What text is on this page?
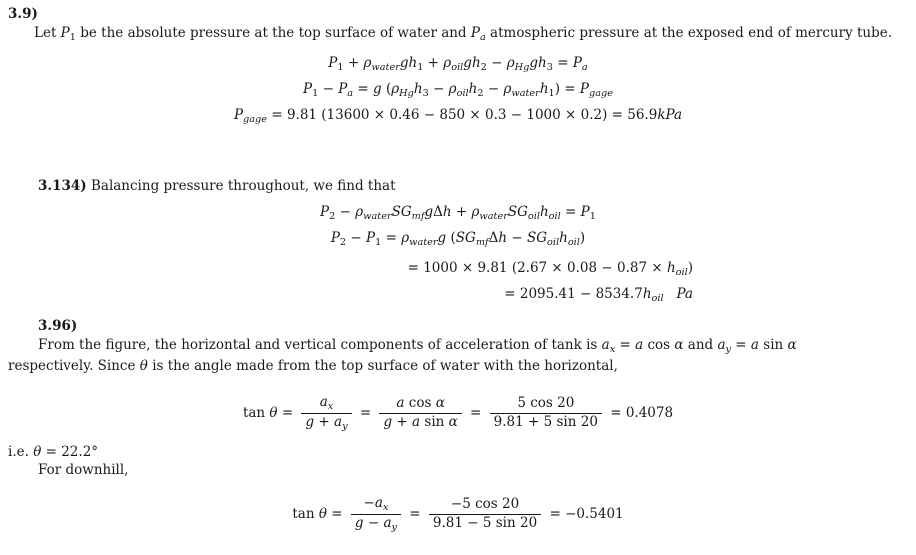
3.9)
Let $P_1$ be the absolute pressure at the top surface of water and $P_a$ atmospheric pressure at the exposed end of mercury tube.
$P_1 + \rho_{water}gh_1 + \rho_{oil}gh_2 - \rho_{Hg}gh_3 = P_a$
$P_1 - P_a = g$ $(\rho_{Hg}h_3 - \rho_{oil}h_2 - \rho_{water}h_1) = P_{gage}$
$P_{gage} = 9.81$ (13600 × 0.46 − 850 × 0.3 − 1000 × 0.2) = 56.9kPa
3.134) Balancing pressure throughout, we find that
$P_2 - \rho_{water}SG_{mf}g\Delta h + \rho_{water}SG_{oil}h_{oil} = P_1$
$P_2 - P_1 = \rho_{water}g$ $(SG_{mf}\Delta h - SG_{oil}h_{oil})$
= 1000 × 9.81 $(2.67 \times 0.08 - 0.87 \times h_{oil})$
= $2095.41 - 8534.7h_{oil}$ Pa
3.96)
From the figure, the horizontal and vertical components of acceleration of tank is $a_x = a$ cos α and $a_y = a$ sin α
respectively. Since θ is the angle made from the top surface of water with the horizontal,
$\tan \theta = \frac{a_x}{g + a_y} = \frac{\text{a cos α}}{\text{g + a sin α}} = \frac{5 \cos 20}{9.81 + 5 \sin 20} = 0.4078$
i.e. θ = 22.2°
For downhill,
$\tan \theta = \frac{-a_x}{g - a_y} = \frac{-5 \cos 20}{9.81 - 5 \sin 20} = -0.5401$
